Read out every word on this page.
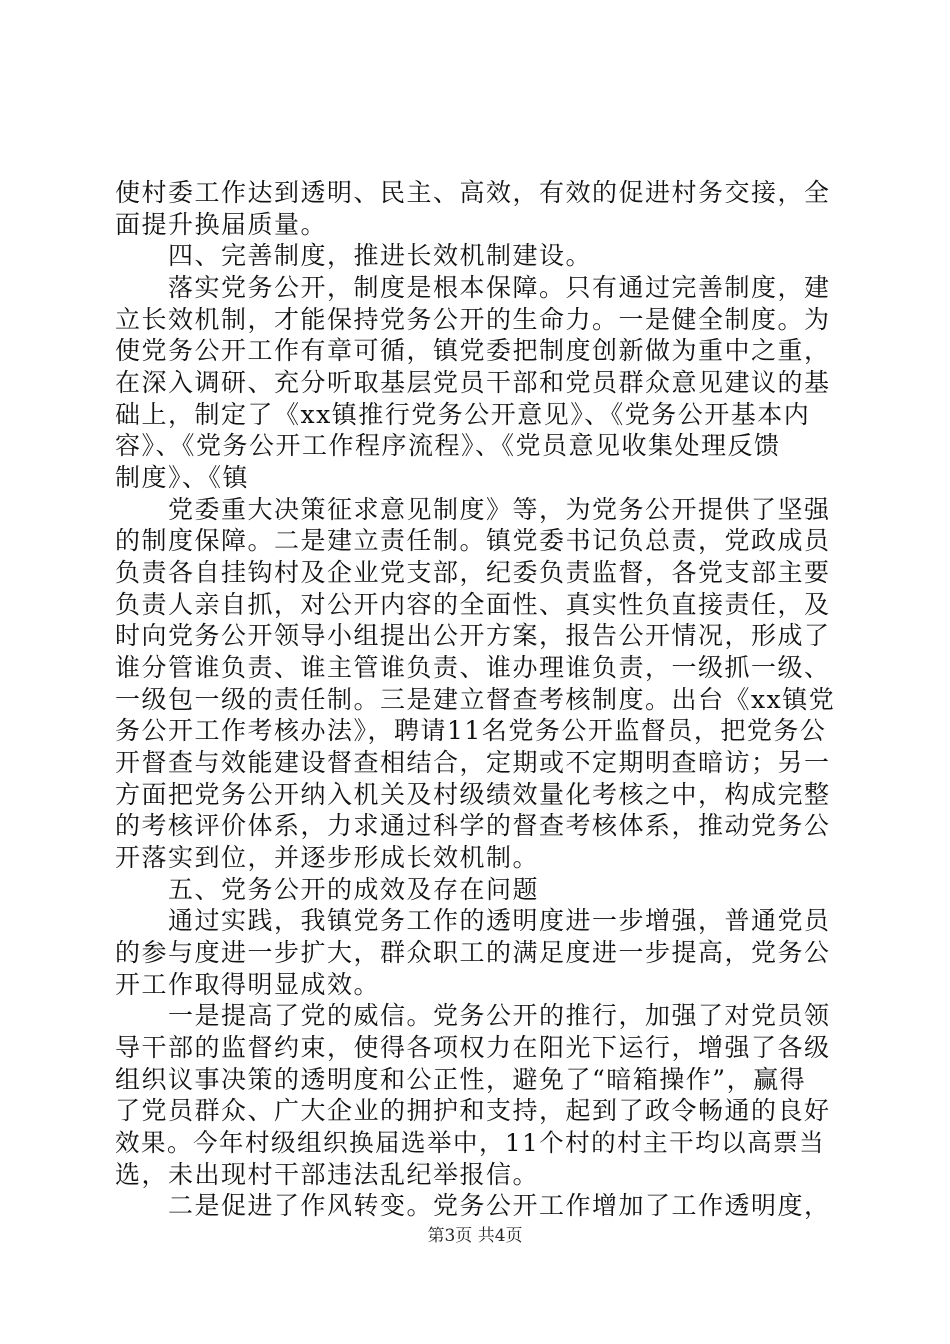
使村委工作达到透明、民主、高效，有效的促进村务交接，全
面提升换届质量。
　　四、完善制度，推进长效机制建设。
　　落实党务公开，制度是根本保障。只有通过完善制度，建
立长效机制，才能保持党务公开的生命力。一是健全制度。为
使党务公开工作有章可循，镇党委把制度创新做为重中之重，
在深入调研、充分听取基层党员干部和党员群众意见建议的基
础上，制定了《xx镇推行党务公开意见》、《党务公开基本内
容》、《党务公开工作程序流程》、《党员意见收集处理反馈
制度》、《镇
　　党委重大决策征求意见制度》等，为党务公开提供了坚强
的制度保障。二是建立责任制。镇党委书记负总责，党政成员
负责各自挂钩村及企业党支部，纪委负责监督，各党支部主要
负责人亲自抓，对公开内容的全面性、真实性负直接责任，及
时向党务公开领导小组提出公开方案，报告公开情况，形成了
谁分管谁负责、谁主管谁负责、谁办理谁负责，一级抓一级、
一级包一级的责任制。三是建立督查考核制度。出台《xx镇党
务公开工作考核办法》，聘请11名党务公开监督员，把党务公
开督查与效能建设督查相结合，定期或不定期明查暗访；另一
方面把党务公开纳入机关及村级绩效量化考核之中，构成完整
的考核评价体系，力求通过科学的督查考核体系，推动党务公
开落实到位，并逐步形成长效机制。
　　五、党务公开的成效及存在问题
　　通过实践，我镇党务工作的透明度进一步增强，普通党员
的参与度进一步扩大，群众职工的满足度进一步提高，党务公
开工作取得明显成效。
　　一是提高了党的威信。党务公开的推行，加强了对党员领
导干部的监督约束，使得各项权力在阳光下运行，增强了各级
组织议事决策的透明度和公正性，避免了“暗箱操作”，赢得
了党员群众、广大企业的拥护和支持，起到了政令畅通的良好
效果。今年村级组织换届选举中，11个村的村主干均以高票当
选，未出现村干部违法乱纪举报信。
　　二是促进了作风转变。党务公开工作增加了工作透明度，
第3页 共4页
